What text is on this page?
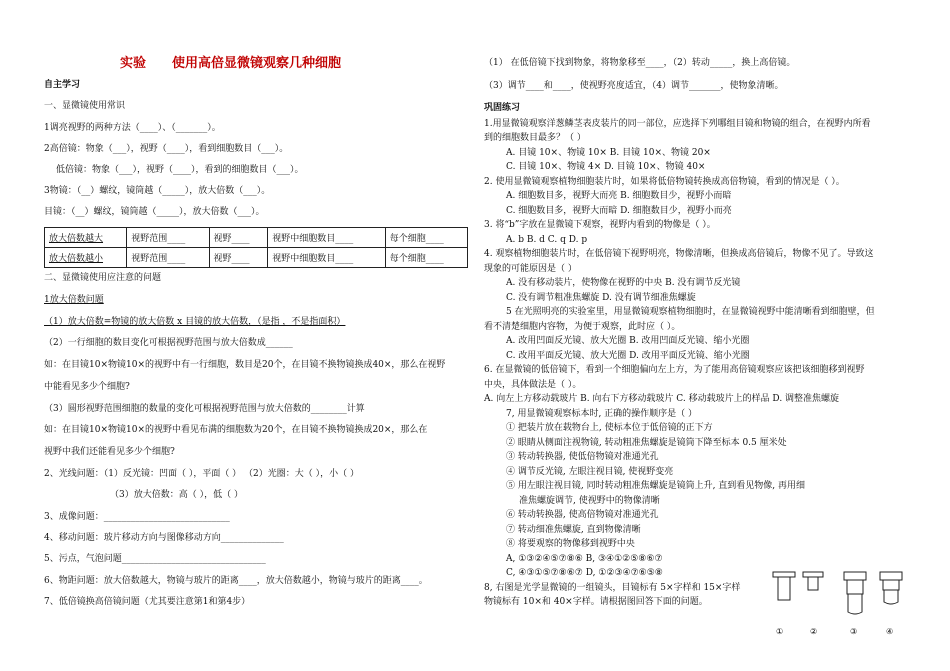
实验 使用高倍显微镜观察几种细胞
自主学习
一、显微镜使用常识
1调亮视野的两种方法（____）、（_______）。
2高倍镜：物象（___），视野（____），看到细胞数目（___）。
低倍镜：物象（___），视野（____），看到的细胞数目（___）。
3物镜：（__）螺纹，镜筒越（_____），放大倍数（___）。
目镜：（__）螺纹，镜筒越（_____），放大倍数（___）。
放大倍数越大	视野范围____	视野____	视野中细胞数目____	每个细胞____
放大倍数越小	视野范围____	视野____	视野中细胞数目____	每个细胞____
二、显微镜使用应注意的问题
1放大倍数问题
（1）放大倍数=物镜的放大倍数 x 目镜的放大倍数，（是指 ，不是指面积）
（2）一行细胞的数目变化可根据视野范围与放大倍数成______
如：在目镜10×物镜10×的视野中有一行细胞，数目是20个，在目镜不换物镜换成40×，那么在视野
中能看见多少个细胞?
（3）圆形视野范围细胞的数量的变化可根据视野范围与放大倍数的________计算
如：在目镜10×物镜10×的视野中看见布满的细胞数为20个，在目镜不换物镜换成20×，那么在
视野中我们还能看见多少个细胞?
2、光线问题：（1）反光镜：凹面（ ），平面（ ） （2）光圈：大（ ），小（ ）
（3）放大倍数：高（ ），低（ ）
3、成像问题：____________________________
4、移动问题：玻片移动方向与图像移动方向______________
5、污点，气泡问题________________________________
6、物距问题：放大倍数越大，物镜与玻片的距离____，放大倍数越小，物镜与玻片的距离____。
7、低倍镜换高倍镜问题（尤其要注意第1和第4步）
（1） 在低倍镜下找到物象，将物象移至____，（2）转动_____，换上高倍镜。
（3）调节____和____，使视野亮度适宜，（4）调节_______，使物象清晰。
巩固练习
1.用显微镜观察洋葱鳞茎表皮装片的同一部位，应选择下列哪组目镜和物镜的组合，在视野内所看
到的细胞数目最多？（ ）
A. 目镜 10×、物镜 10× B. 目镜 10×、物镜 20×
C. 目镜 10×、物镜 4× D. 目镜 10×、物镜 40×
2. 使用显微镜观察植物细胞装片时，如果将低倍物镜转换成高倍物镜，看到的情况是（ ）。
A. 细胞数目多，视野大而亮 B. 细胞数目少，视野小而暗
C. 细胞数目多，视野大而暗 D. 细胞数目少，视野小而亮
3. 将“b”字放在显微镜下观察，视野内看到的物像是（ ）。
A. b B. d C. q D. p
4. 观察植物细胞装片时，在低倍镜下视野明亮，物像清晰，但换成高倍镜后，物像不见了。导致这
现象的可能原因是（ ）
A. 没有移动装片，使物像在视野的中央 B. 没有调节反光镜
C. 没有调节粗准焦螺旋 D. 没有调节细准焦螺旋
5 在光照明亮的实验室里，用显微镜观察植物细胞时，在显微镜视野中能清晰看到细胞壁，但
看不清楚细胞内容物，为便于观察，此时应（ ）。
A. 改用凹面反光镜、放大光圈 B. 改用凹面反光镜、缩小光圈
C. 改用平面反光镜、放大光圈 D. 改用平面反光镜、缩小光圈
6. 在显微镜的低倍镜下，看到一个细胞偏向左上方，为了能用高倍镜观察应该把该细胞移到视野
中央，具体做法是（ ）。
A. 向左上方移动载玻片 B. 向右下方移动载玻片 C. 移动载玻片上的样品 D. 调整准焦螺旋
7, 用显微镜观察标本时, 正确的操作顺序是（ ）
① 把装片放在载物台上, 使标本位于低倍镜的正下方
② 眼睛从侧面注视物镜, 转动粗准焦螺旋是镜筒下降至标本 0.5 厘米处
③ 转动转换器, 使低倍物镜对准通光孔
④ 调节反光镜, 左眼注视目镜, 使视野变亮
⑤ 用左眼注视目镜, 同时转动粗准焦螺旋是镜筒上升, 直到看见物像, 再用细
准焦螺旋调节, 使视野中的物像清晰
⑥ 转动转换器, 使高倍物镜对准通光孔
⑦ 转动细准焦螺旋, 直到物像清晰
⑧ 将要观察的物像移到视野中央
A, ①③②④⑤⑦⑧⑥ B, ③④①②⑤⑧⑥⑦
C, ④③①⑤⑦⑧⑥⑦ D, ①②③④⑦⑥⑤⑧
8, 右图是光学显微镜的一组镜头，目镜标有 5×字样和 15×字样
物镜标有 10×和 40×字样。请根据图回答下面的问题。
①	②	③	④
